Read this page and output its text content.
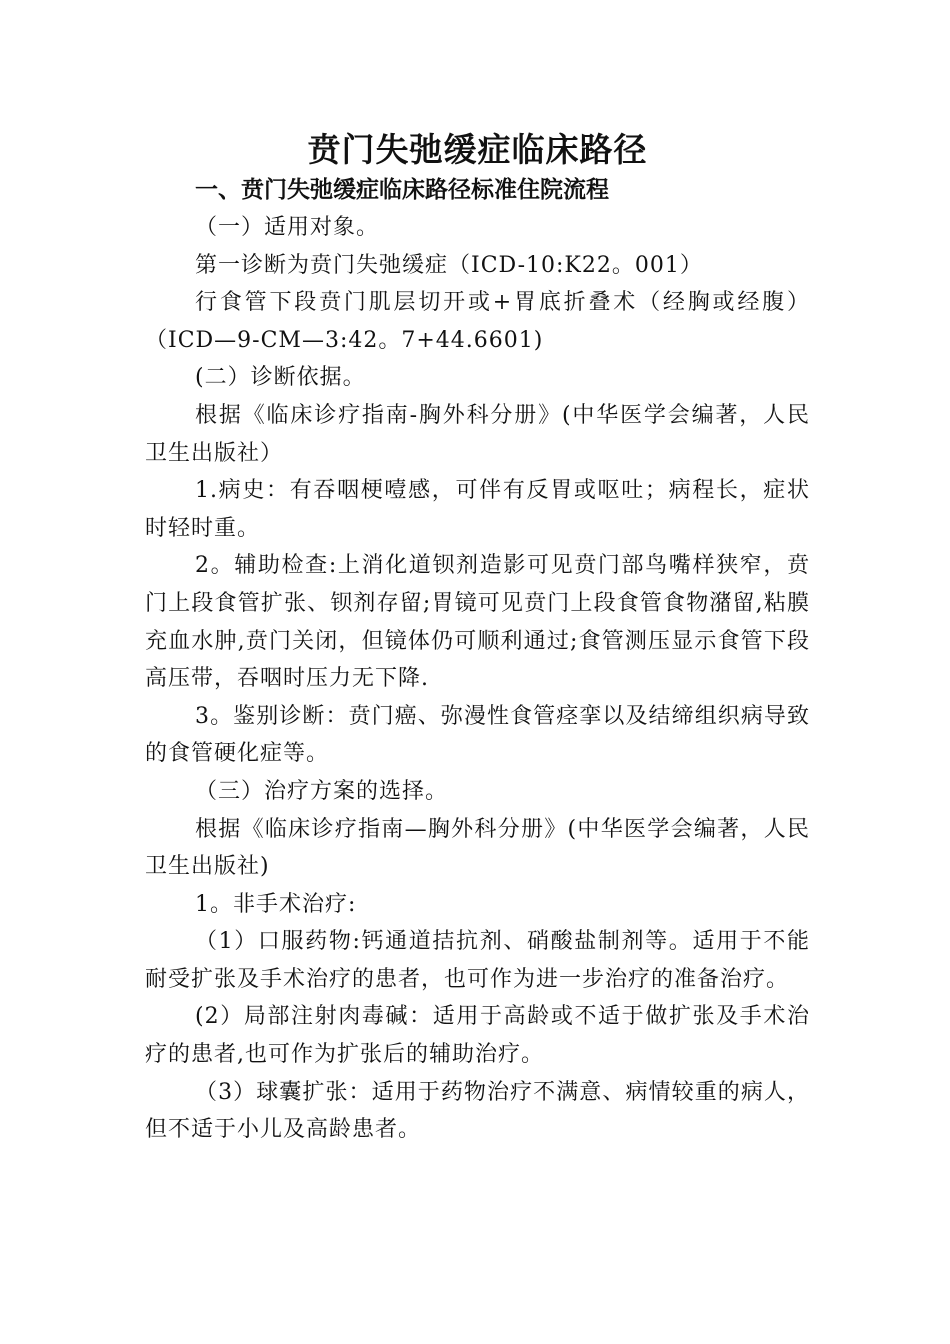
贲门失弛缓症临床路径
一、贲门失弛缓症临床路径标准住院流程

（一）适用对象。

第一诊断为贲门失弛缓症（ICD-10:K22。001）

行食管下段贲门肌层切开或+胃底折叠术（经胸或经腹）（ICD—9-CM—3:42。7+44.6601)

(二）诊断依据。

根据《临床诊疗指南-胸外科分册》(中华医学会编著，人民卫生出版社）

1.病史：有吞咽梗噎感，可伴有反胃或呕吐；病程长，症状时轻时重。

2。辅助检查:上消化道钡剂造影可见贲门部鸟嘴样狭窄，贲门上段食管扩张、钡剂存留;胃镜可见贲门上段食管食物潴留,粘膜充血水肿,贲门关闭，但镜体仍可顺利通过;食管测压显示食管下段高压带，吞咽时压力无下降.

3。鉴别诊断：贲门癌、弥漫性食管痉挛以及结缔组织病导致的食管硬化症等。

（三）治疗方案的选择。

根据《临床诊疗指南—胸外科分册》(中华医学会编著，人民卫生出版社)

1。非手术治疗:

（1）口服药物:钙通道拮抗剂、硝酸盐制剂等。适用于不能耐受扩张及手术治疗的患者，也可作为进一步治疗的准备治疗。

(2）局部注射肉毒碱：适用于高龄或不适于做扩张及手术治疗的患者,也可作为扩张后的辅助治疗。

（3）球囊扩张：适用于药物治疗不满意、病情较重的病人，但不适于小儿及高龄患者。
